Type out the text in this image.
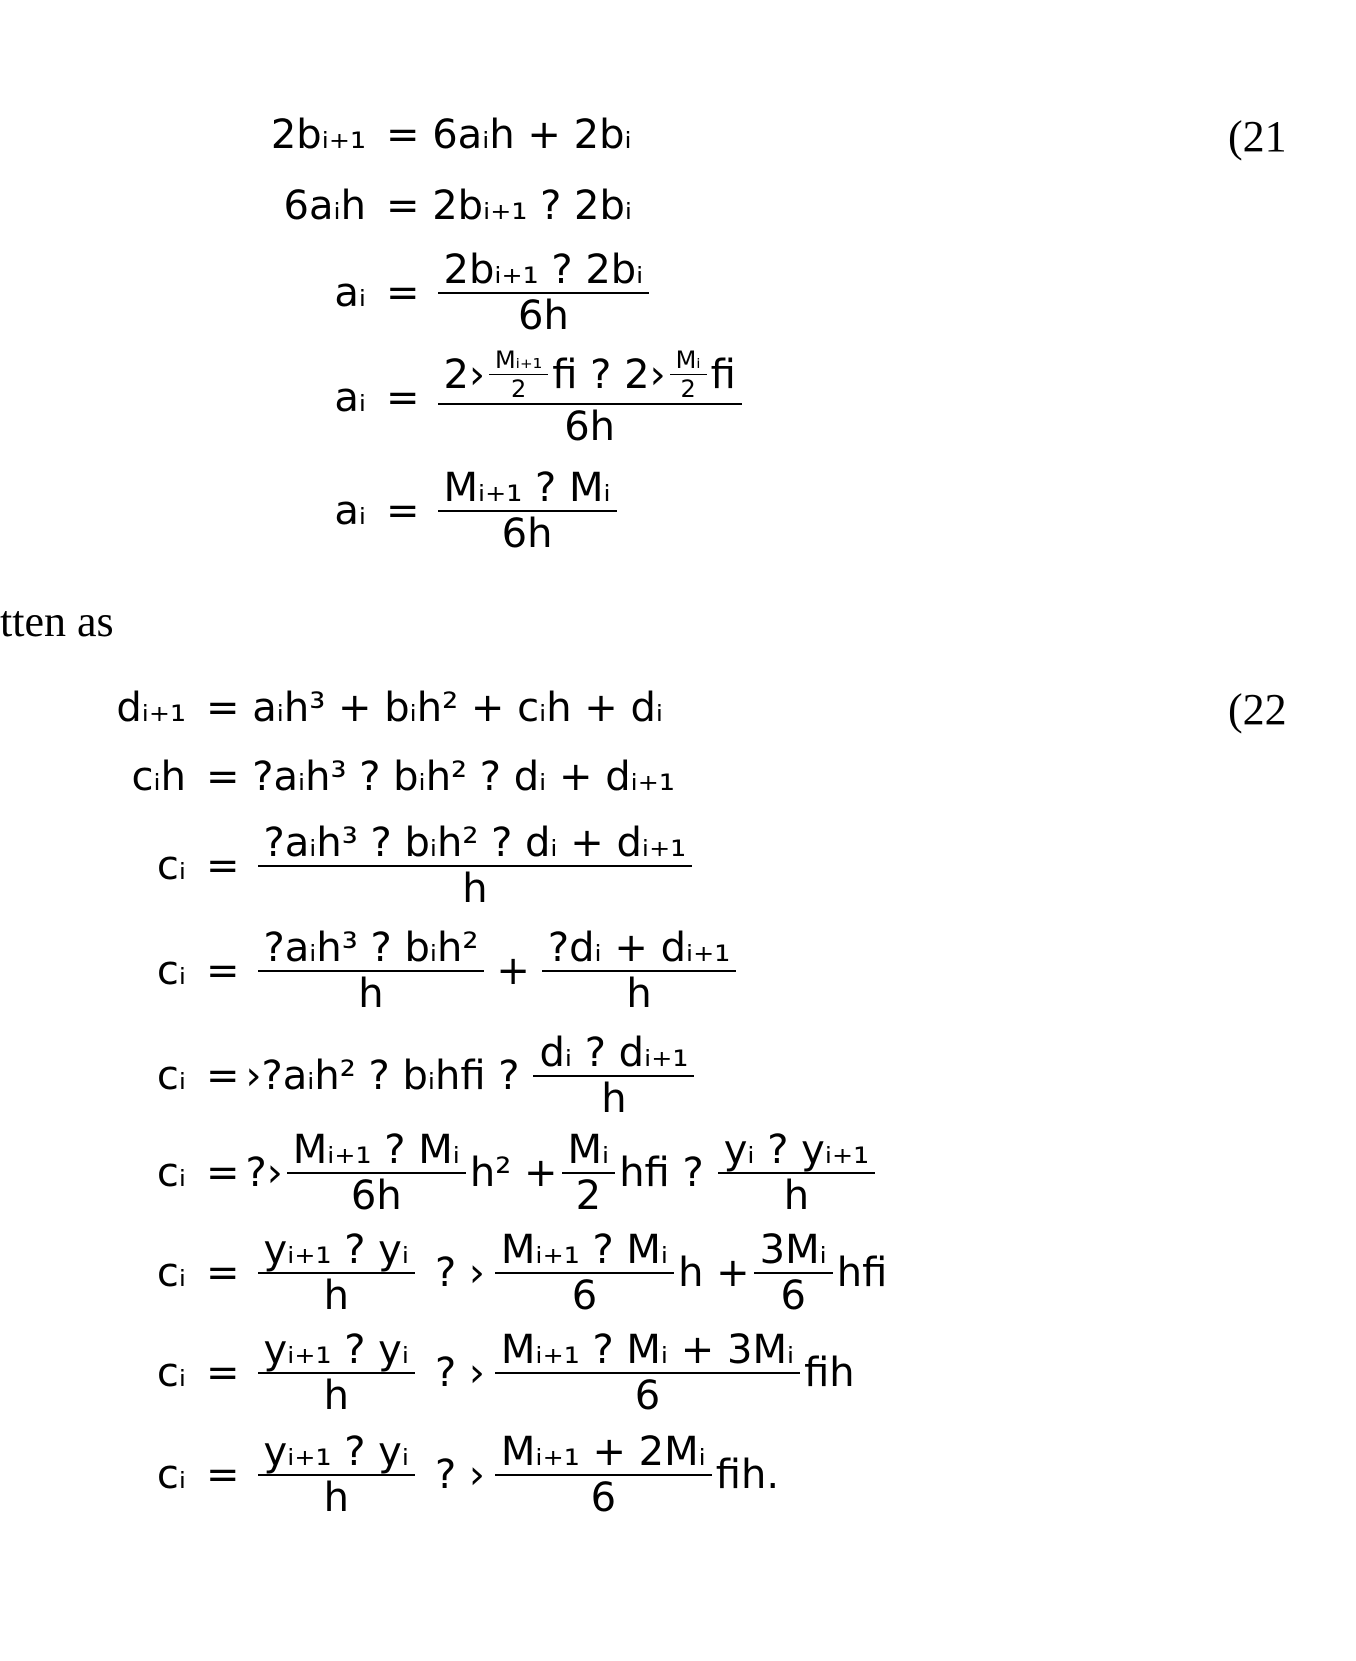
(21
2bᵢ₊₁ = 6aᵢh + 2bᵢ
6aᵢh = 2bᵢ₊₁ ? 2bᵢ
aᵢ = $\frac{\text{2bᵢ₊₁ ? 2bᵢ}}{6h}$
aᵢ = 2› $\frac{\text{Mᵢ₊₁}}{2}$ ﬁ ? 2› $\frac{\text{Mᵢ}}{2}$ ﬁ
6h
aᵢ = $\frac{\text{Mᵢ₊₁ ? Mᵢ}}{6h}$
tten as
(22
dᵢ₊₁ = aᵢh³ + bᵢh² + cᵢh + dᵢ
cᵢh = ?aᵢh³ ? bᵢh² ? dᵢ + dᵢ₊₁
cᵢ = $\frac{\text{?aᵢh³ ? bᵢh² ? dᵢ + dᵢ₊₁}}{h}$
cᵢ = $\frac{\text{?aᵢh³ ? bᵢh²}}{h} + \frac{\text{?dᵢ + dᵢ₊₁}}{h}$
cᵢ = ›?aᵢh² ? bᵢhﬁ ? $\frac{\text{dᵢ ? dᵢ₊₁}}{h}$
cᵢ = ?› $\frac{\text{Mᵢ₊₁ ? Mᵢ}}{6h} h^2 + \frac{\text{Mᵢ}}{2}$ hﬁ ? $\frac{\text{yᵢ ? yᵢ₊₁}}{h}$
cᵢ = $\frac{\text{yᵢ₊₁ ? yᵢ}}{h}$ ? › $\frac{\text{Mᵢ₊₁ ? Mᵢ}}{6}$ $h + \frac{\text{3Mᵢ}}{6}$ hﬁ
cᵢ = $\frac{\text{yᵢ₊₁ ? yᵢ}}{h}$ ? › $\frac{\text{Mᵢ₊₁ ? Mᵢ + 3Mᵢ}}{6}$ ﬁh
cᵢ = $\frac{\text{yᵢ₊₁ ? yᵢ}}{h}$ ? › $\frac{\text{Mᵢ₊₁ + 2Mᵢ}}{6}$ ﬁh.
